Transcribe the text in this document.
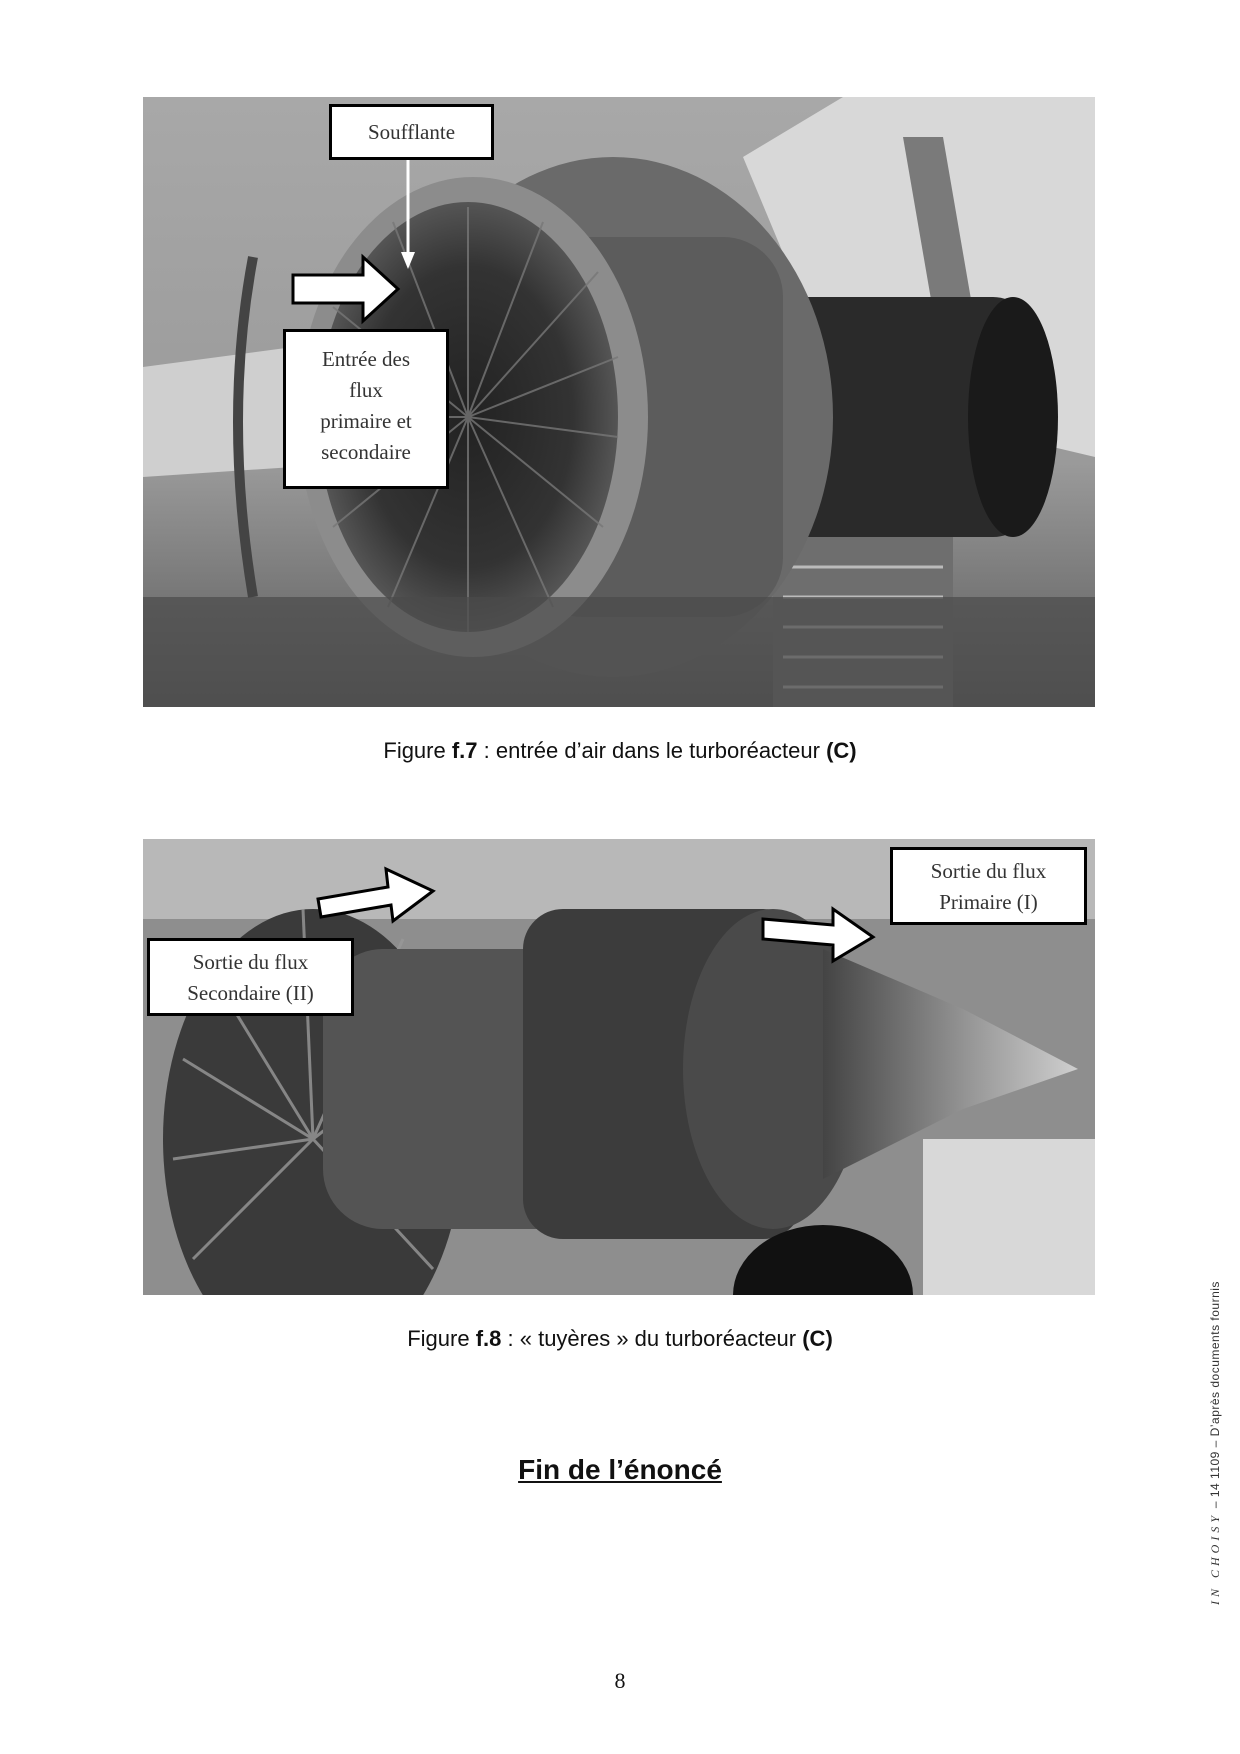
Soufflante
Entrée des
flux
primaire et
secondaire
Figure f.7 : entrée d’air dans le turboréacteur (C)
Sortie du flux
Primaire (I)
Sortie du flux
Secondaire (II)
Figure f.8 : « tuyères » du turboréacteur (C)
Fin de l’énoncé
8
IN CHOISY – 14 1109 – D’après documents fournis
